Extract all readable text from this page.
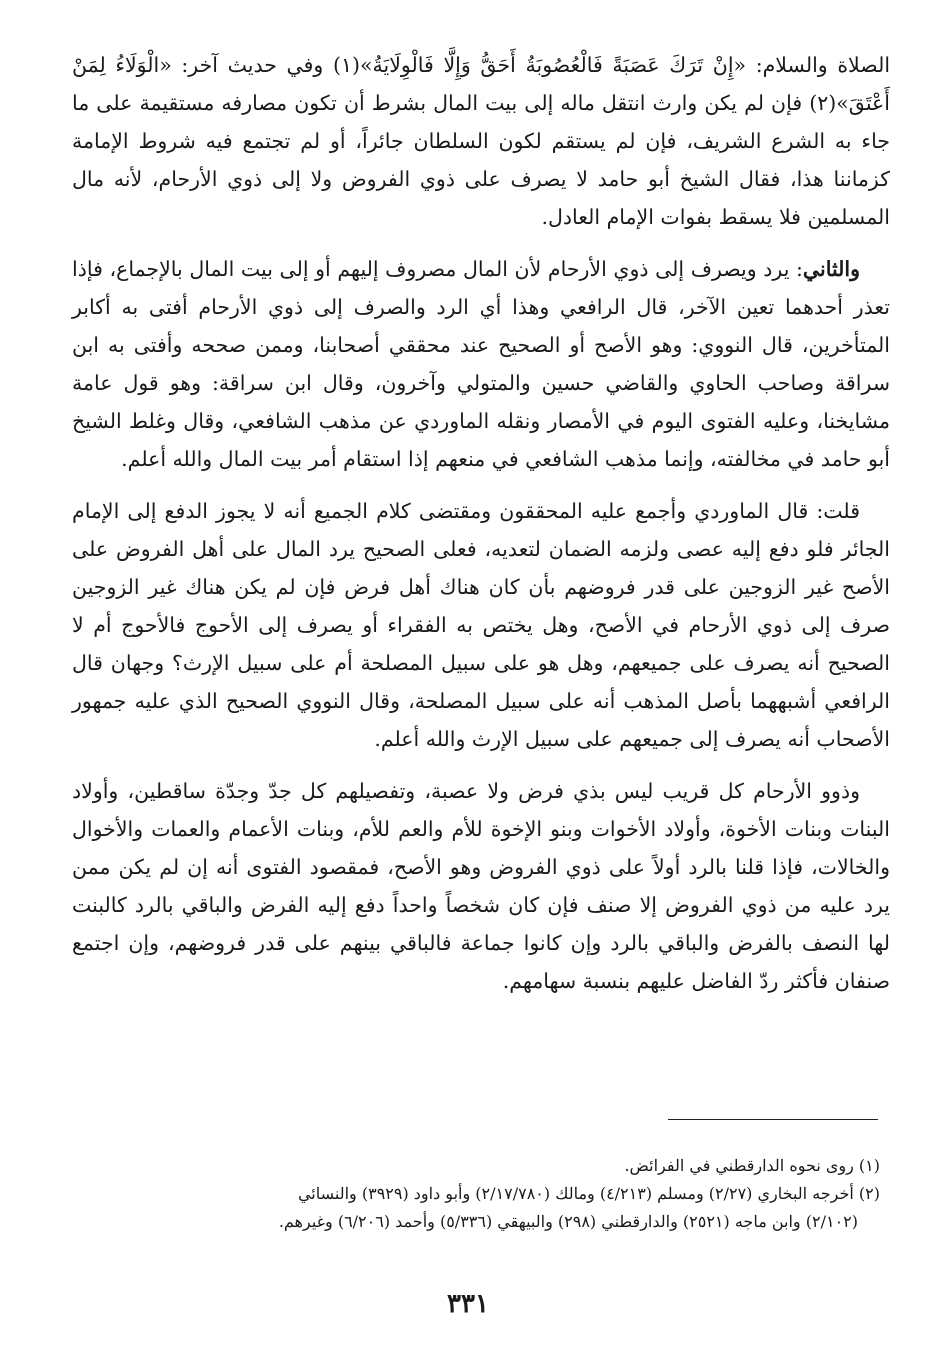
الصلاة والسلام: «إِنْ تَرَكَ عَصَبَةً فَالْعُصُوبَةُ أَحَقُّ وَإِلَّا فَالْوِلَايَةُ»(١) وفي حديث آخر: «الْوَلَاءُ لِمَنْ أَعْتَقَ»(٢) فإن لم يكن وارث انتقل ماله إلى بيت المال بشرط أن تكون مصارفه مستقيمة على ما جاء به الشرع الشريف، فإن لم يستقم لكون السلطان جائراً، أو لم تجتمع فيه شروط الإمامة كزماننا هذا، فقال الشيخ أبو حامد لا يصرف على ذوي الفروض ولا إلى ذوي الأرحام، لأنه مال المسلمين فلا يسقط بفوات الإمام العادل.

والثاني: يرد ويصرف إلى ذوي الأرحام لأن المال مصروف إليهم أو إلى بيت المال بالإجماع، فإذا تعذر أحدهما تعين الآخر، قال الرافعي وهذا أي الرد والصرف إلى ذوي الأرحام أفتى به أكابر المتأخرين، قال النووي: وهو الأصح أو الصحيح عند محققي أصحابنا، وممن صححه وأفتى به ابن سراقة وصاحب الحاوي والقاضي حسين والمتولي وآخرون، وقال ابن سراقة: وهو قول عامة مشايخنا، وعليه الفتوى اليوم في الأمصار ونقله الماوردي عن مذهب الشافعي، وقال وغلط الشيخ أبو حامد في مخالفته، وإنما مذهب الشافعي في منعهم إذا استقام أمر بيت المال والله أعلم.

قلت: قال الماوردي وأجمع عليه المحققون ومقتضى كلام الجميع أنه لا يجوز الدفع إلى الإمام الجائر فلو دفع إليه عصى ولزمه الضمان لتعديه، فعلى الصحيح يرد المال على أهل الفروض على الأصح غير الزوجين على قدر فروضهم بأن كان هناك أهل فرض فإن لم يكن هناك غير الزوجين صرف إلى ذوي الأرحام في الأصح، وهل يختص به الفقراء أو يصرف إلى الأحوج فالأحوج أم لا الصحيح أنه يصرف على جميعهم، وهل هو على سبيل المصلحة أم على سبيل الإرث؟ وجهان قال الرافعي أشبههما بأصل المذهب أنه على سبيل المصلحة، وقال النووي الصحيح الذي عليه جمهور الأصحاب أنه يصرف إلى جميعهم على سبيل الإرث والله أعلم.

وذوو الأرحام كل قريب ليس بذي فرض ولا عصبة، وتفصيلهم كل جدّ وجدّة ساقطين، وأولاد البنات وبنات الأخوة، وأولاد الأخوات وبنو الإخوة للأم والعم للأم، وبنات الأعمام والعمات والأخوال والخالات، فإذا قلنا بالرد أولاً على ذوي الفروض وهو الأصح، فمقصود الفتوى أنه إن لم يكن ممن يرد عليه من ذوي الفروض إلا صنف فإن كان شخصاً واحداً دفع إليه الفرض والباقي بالرد كالبنت لها النصف بالفرض والباقي بالرد وإن كانوا جماعة فالباقي بينهم على قدر فروضهم، وإن اجتمع صنفان فأكثر ردّ الفاضل عليهم بنسبة سهامهم.

(١) روى نحوه الدارقطني في الفرائض.

(٢) أخرجه البخاري (٢/٢٧) ومسلم (٤/٢١٣) ومالك (٢/١٧/٧٨٠) وأبو داود (٣٩٢٩) والنسائي

(٢/١٠٢) وابن ماجه (٢٥٢١) والدارقطني (٢٩٨) والبيهقي (٥/٣٣٦) وأحمد (٦/٢٠٦) وغيرهم.

٣٣١
